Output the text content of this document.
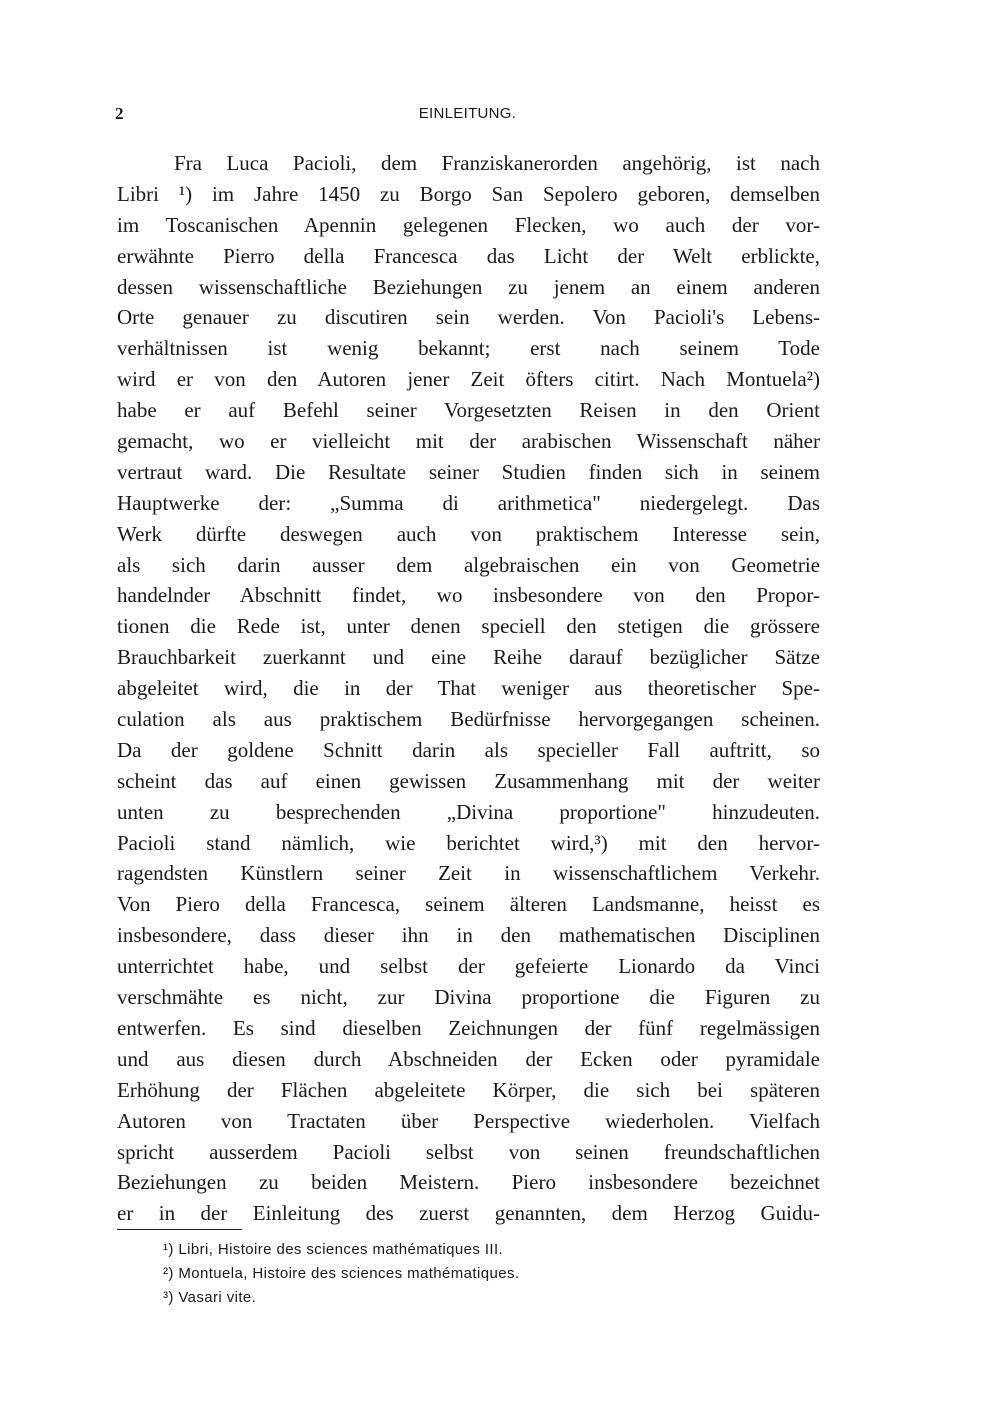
2	EINLEITUNG.
Fra Luca Pacioli, dem Franziskanerorden angehörig, ist nach
Libri ¹) im Jahre 1450 zu Borgo San Sepolero geboren, demselben
im Toscanischen Apennin gelegenen Flecken, wo auch der vor-
erwähnte Pierro della Francesca das Licht der Welt erblickte,
dessen wissenschaftliche Beziehungen zu jenem an einem anderen
Orte genauer zu discutiren sein werden. Von Pacioli's Lebens-
verhältnissen ist wenig bekannt; erst nach seinem Tode
wird er von den Autoren jener Zeit öfters citirt. Nach Montuela²)
habe er auf Befehl seiner Vorgesetzten Reisen in den Orient
gemacht, wo er vielleicht mit der arabischen Wissenschaft näher
vertraut ward. Die Resultate seiner Studien finden sich in seinem
Hauptwerke der: „Summa di arithmetica" niedergelegt. Das
Werk dürfte deswegen auch von praktischem Interesse sein,
als sich darin ausser dem algebraischen ein von Geometrie
handelnder Abschnitt findet, wo insbesondere von den Propor-
tionen die Rede ist, unter denen speciell den stetigen die grössere
Brauchbarkeit zuerkannt und eine Reihe darauf bezüglicher Sätze
abgeleitet wird, die in der That weniger aus theoretischer Spe-
culation als aus praktischem Bedürfnisse hervorgegangen scheinen.
Da der goldene Schnitt darin als specieller Fall auftritt, so
scheint das auf einen gewissen Zusammenhang mit der weiter
unten zu besprechenden „Divina proportione" hinzudeuten.
Pacioli stand nämlich, wie berichtet wird,³) mit den hervor-
ragendsten Künstlern seiner Zeit in wissenschaftlichem Verkehr.
Von Piero della Francesca, seinem älteren Landsmanne, heisst es
insbesondere, dass dieser ihn in den mathematischen Disciplinen
unterrichtet habe, und selbst der gefeierte Lionardo da Vinci
verschmähte es nicht, zur Divina proportione die Figuren zu
entwerfen. Es sind dieselben Zeichnungen der fünf regelmässigen
und aus diesen durch Abschneiden der Ecken oder pyramidale
Erhöhung der Flächen abgeleitete Körper, die sich bei späteren
Autoren von Tractaten über Perspective wiederholen. Vielfach
spricht ausserdem Pacioli selbst von seinen freundschaftlichen
Beziehungen zu beiden Meistern. Piero insbesondere bezeichnet
er in der Einleitung des zuerst genannten, dem Herzog Guidu-
¹) Libri, Histoire des sciences mathématiques III.
²) Montuela, Histoire des sciences mathématiques.
³) Vasari vite.
